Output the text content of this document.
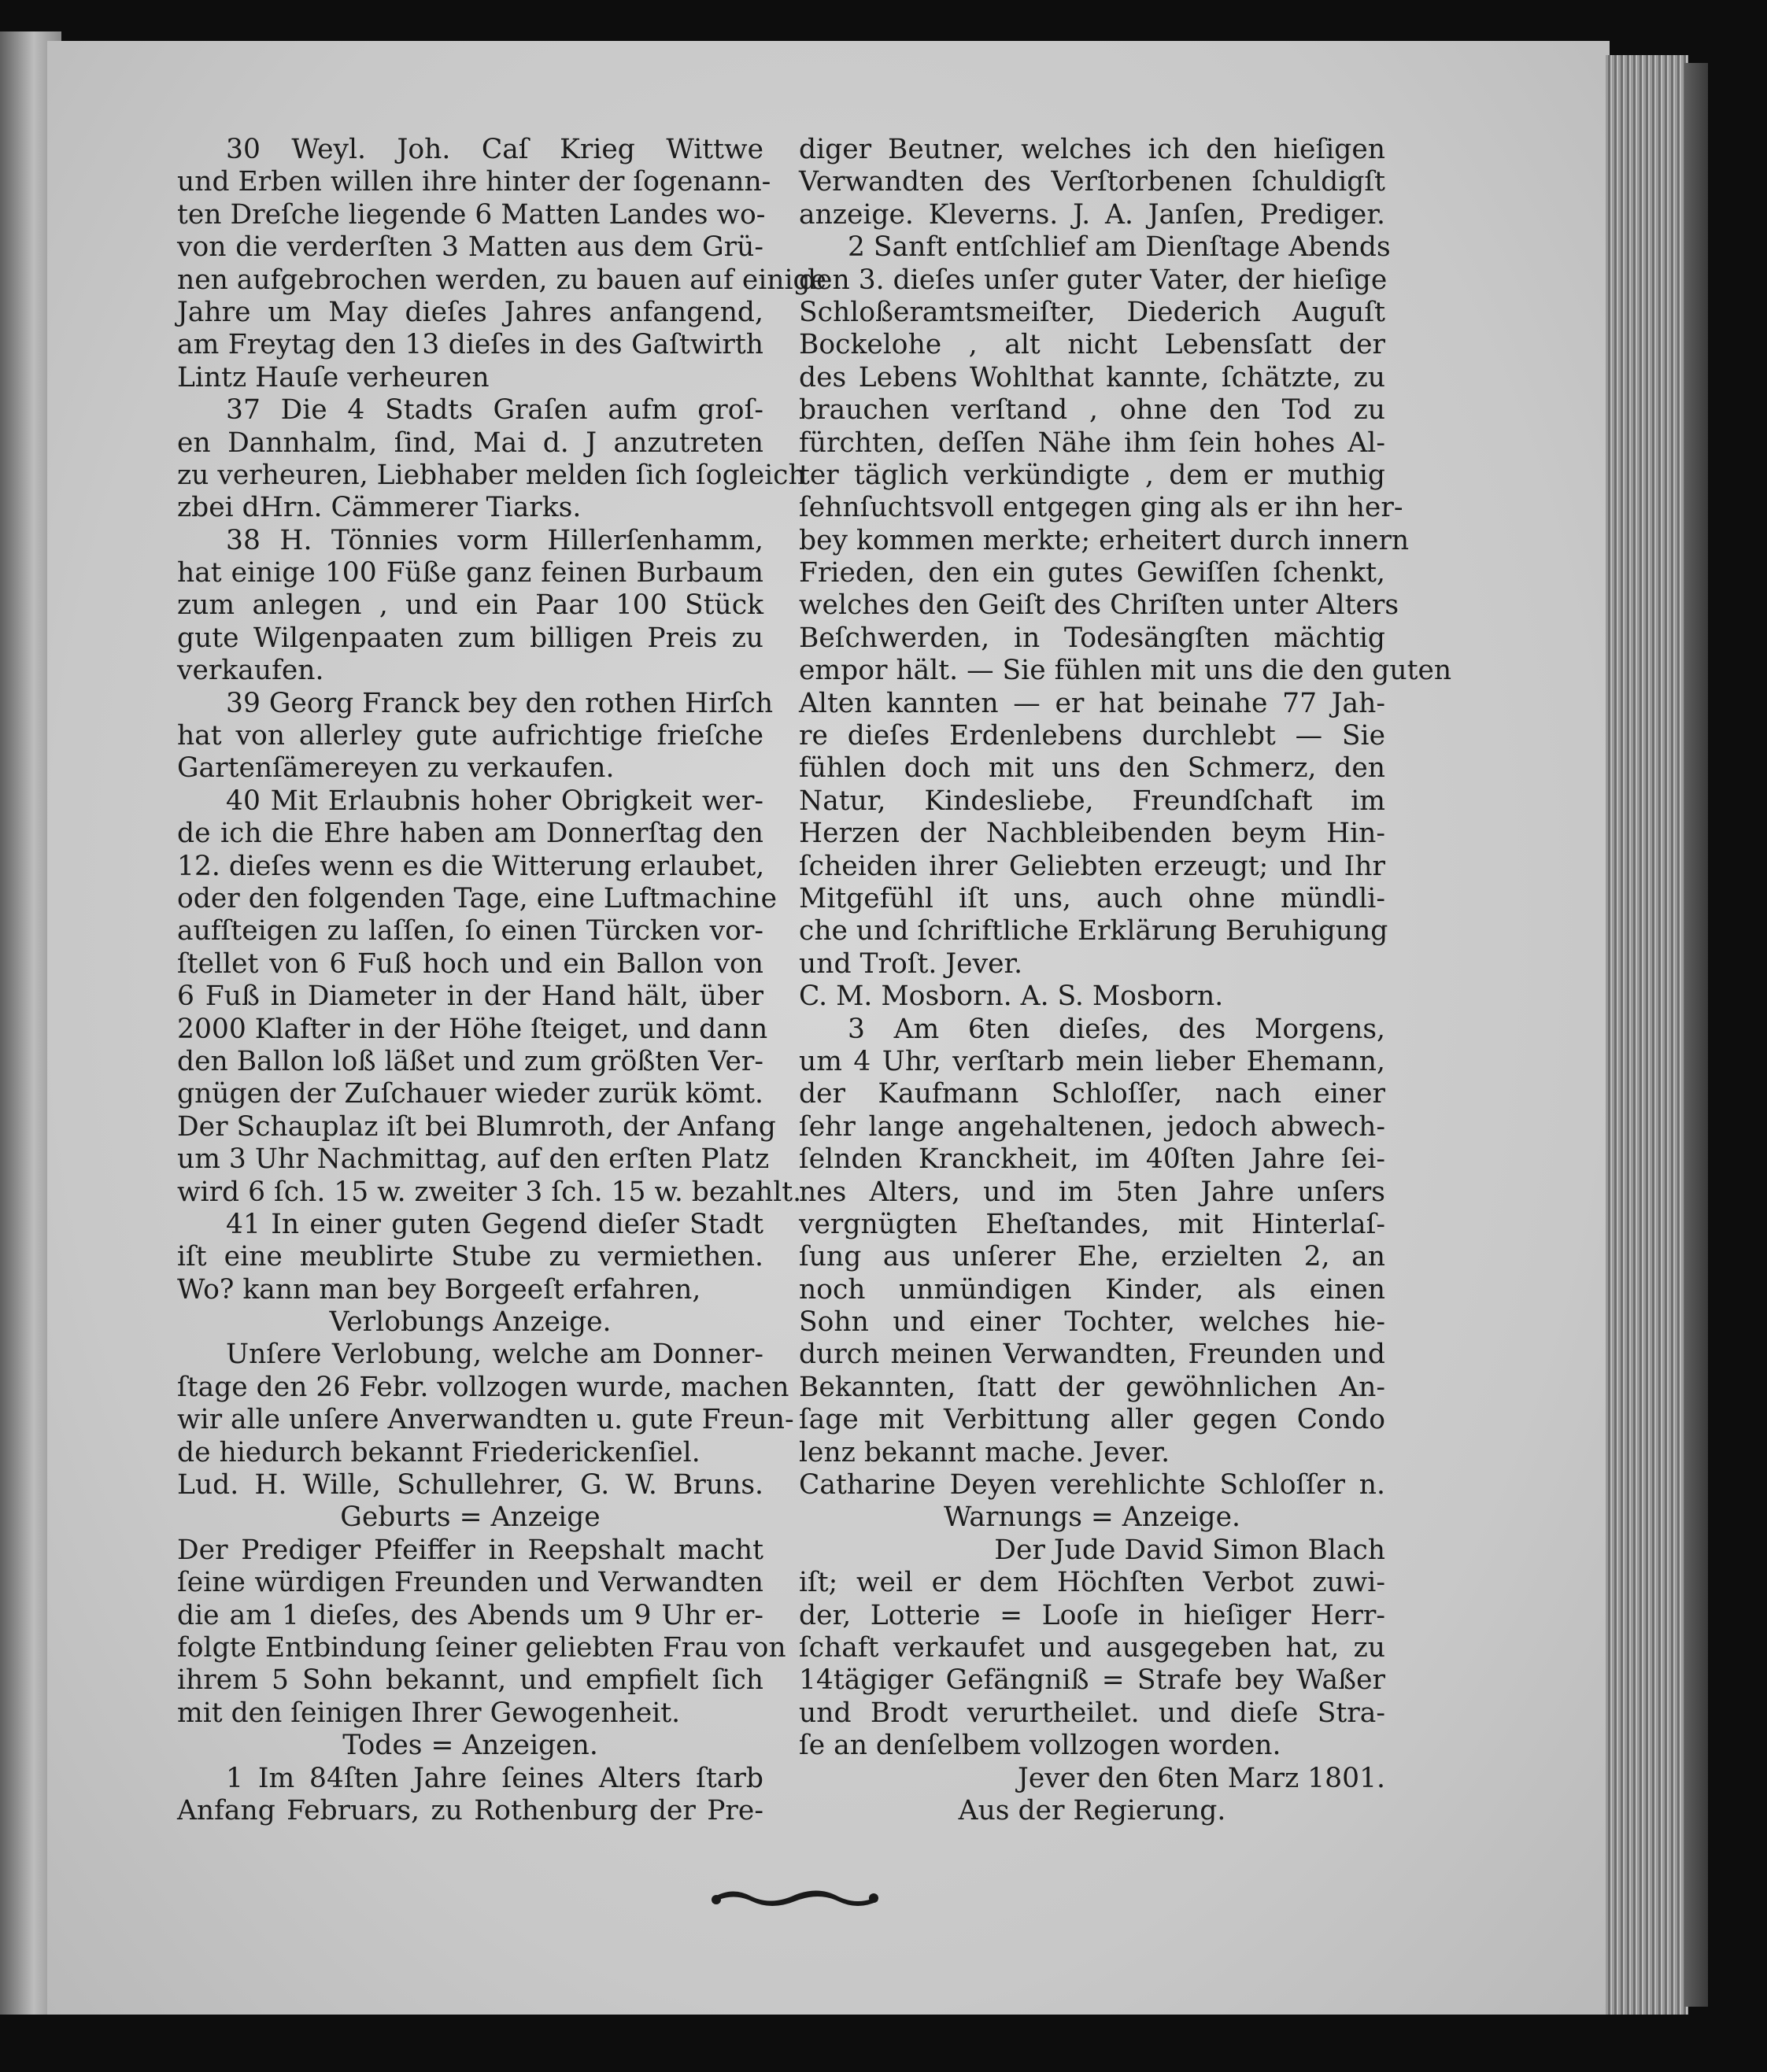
30 Weyl. Joh. Caſ Krieg Wittwe
und Erben willen ihre hinter der ſogenann-
ten Dreſche liegende 6 Matten Landes wo-
von die verderſten 3 Matten aus dem Grü-
nen aufgebrochen werden, zu bauen auf einige
Jahre um May dieſes Jahres anfangend,
am Freytag den 13 dieſes in des Gaſtwirth
Lintz Hauſe verheuren
37 Die 4 Stadts Graſen aufm groſ-
en Dannhalm, ſind, Mai d. J anzutreten
zu verheuren, Liebhaber melden ſich ſogleich
zbei dHrn. Cämmerer Tiarks.
38 H. Tönnies vorm Hillerſenhamm,
hat einige 100 Füße ganz feinen Burbaum
zum anlegen , und ein Paar 100 Stück
gute Wilgenpaaten zum billigen Preis zu
verkaufen.
39 Georg Franck bey den rothen Hirſch
hat von allerley gute aufrichtige frieſche
Gartenſämereyen zu verkaufen.
40 Mit Erlaubnis hoher Obrigkeit wer-
de ich die Ehre haben am Donnerſtag den
12. dieſes wenn es die Witterung erlaubet,
oder den folgenden Tage, eine Luftmachine
aufſteigen zu laſſen, ſo einen Türcken vor-
ſtellet von 6 Fuß hoch und ein Ballon von
6 Fuß in Diameter in der Hand hält, über
2000 Klafter in der Höhe ſteiget, und dann
den Ballon loß läßet und zum größten Ver-
gnügen der Zuſchauer wieder zurük kömt.
Der Schauplaz iſt bei Blumroth, der Anfang
um 3 Uhr Nachmittag, auf den erſten Platz
wird 6 ſch. 15 w. zweiter 3 ſch. 15 w. bezahlt.
41 In einer guten Gegend dieſer Stadt
iſt eine meublirte Stube zu vermiethen.
Wo? kann man bey Borgeeſt erfahren,
Verlobungs Anzeige.
Unſere Verlobung, welche am Donner-
ſtage den 26 Febr. vollzogen wurde, machen
wir alle unſere Anverwandten u. gute Freun-
de hiedurch bekannt Friederickenſiel.
Lud. H. Wille, Schullehrer, G. W. Bruns.
Geburts = Anzeige
Der Prediger Pfeiffer in Reepshalt macht
ſeine würdigen Freunden und Verwandten
die am 1 dieſes, des Abends um 9 Uhr er-
folgte Entbindung ſeiner geliebten Frau von
ihrem 5 Sohn bekannt, und empfielt ſich
mit den ſeinigen Ihrer Gewogenheit.
Todes = Anzeigen.
1 Im 84ſten Jahre ſeines Alters ſtarb
Anfang Februars, zu Rothenburg der Pre-
diger Beutner, welches ich den hieſigen
Verwandten des Verſtorbenen ſchuldigſt
anzeige. Kleverns. J. A. Janſen, Prediger.
2 Sanft entſchlief am Dienſtage Abends
den 3. dieſes unſer guter Vater, der hieſige
Schloßeramtsmeiſter, Diederich Auguſt
Bockelohe , alt nicht Lebensſatt der
des Lebens Wohlthat kannte, ſchätzte, zu
brauchen verſtand , ohne den Tod zu
fürchten, deſſen Nähe ihm ſein hohes Al-
ter täglich verkündigte , dem er muthig
ſehnſuchtsvoll entgegen ging als er ihn her-
bey kommen merkte; erheitert durch innern
Frieden, den ein gutes Gewiſſen ſchenkt,
welches den Geiſt des Chriſten unter Alters
Beſchwerden, in Todesängſten mächtig
empor hält. — Sie fühlen mit uns die den guten
Alten kannten — er hat beinahe 77 Jah-
re dieſes Erdenlebens durchlebt — Sie
fühlen doch mit uns den Schmerz, den
Natur, Kindesliebe, Freundſchaft im
Herzen der Nachbleibenden beym Hin-
ſcheiden ihrer Geliebten erzeugt; und Ihr
Mitgefühl iſt uns, auch ohne mündli-
che und ſchriftliche Erklärung Beruhigung
und Troſt. Jever.
C. M. Mosborn. A. S. Mosborn.
3 Am 6ten dieſes, des Morgens,
um 4 Uhr, verſtarb mein lieber Ehemann,
der Kaufmann Schloſſer, nach einer
ſehr lange angehaltenen, jedoch abwech-
ſelnden Kranckheit, im 40ſten Jahre ſei-
nes Alters, und im 5ten Jahre unſers
vergnügten Eheſtandes, mit Hinterlaſ-
ſung aus unſerer Ehe, erzielten 2, an
noch unmündigen Kinder, als einen
Sohn und einer Tochter, welches hie-
durch meinen Verwandten, Freunden und
Bekannten, ſtatt der gewöhnlichen An-
ſage mit Verbittung aller gegen Condo
lenz bekannt mache. Jever.
Catharine Deyen verehlichte Schloſſer n.
Warnungs = Anzeige.
Der Jude David Simon Blach
iſt; weil er dem Höchſten Verbot zuwi-
der, Lotterie = Looſe in hieſiger Herr-
ſchaft verkaufet und ausgegeben hat, zu
14tägiger Gefängniß = Strafe bey Waßer
und Brodt verurtheilet. und dieſe Stra-
ſe an denſelbem vollzogen worden.
Jever den 6ten Marz 1801.
Aus der Regierung.
